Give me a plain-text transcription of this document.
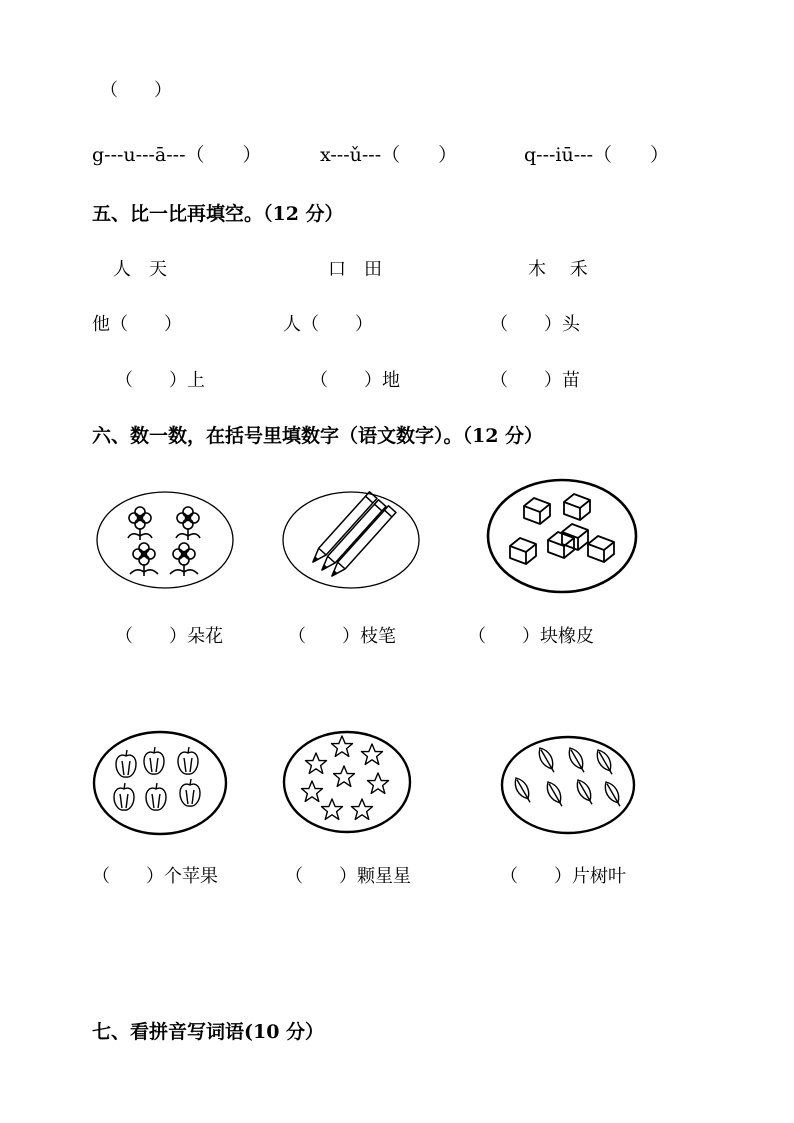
（　　）
g---u---ā---（　　）	x---ǔ---（　　）	q---iū---（　　）
五、比一比再填空。（12 分）
人　天	口　田	木　 禾
他（　　）	人（　　）	（　　）头
（　　）上	（　　）地	（　　）苗
六、数一数，在括号里填数字（语文数字）。（12 分）
（　　）朵花	（　　）枝笔	（　　）块橡皮
（　　）个苹果	（　　）颗星星	（　　）片树叶
七、看拼音写词语(10 分）
